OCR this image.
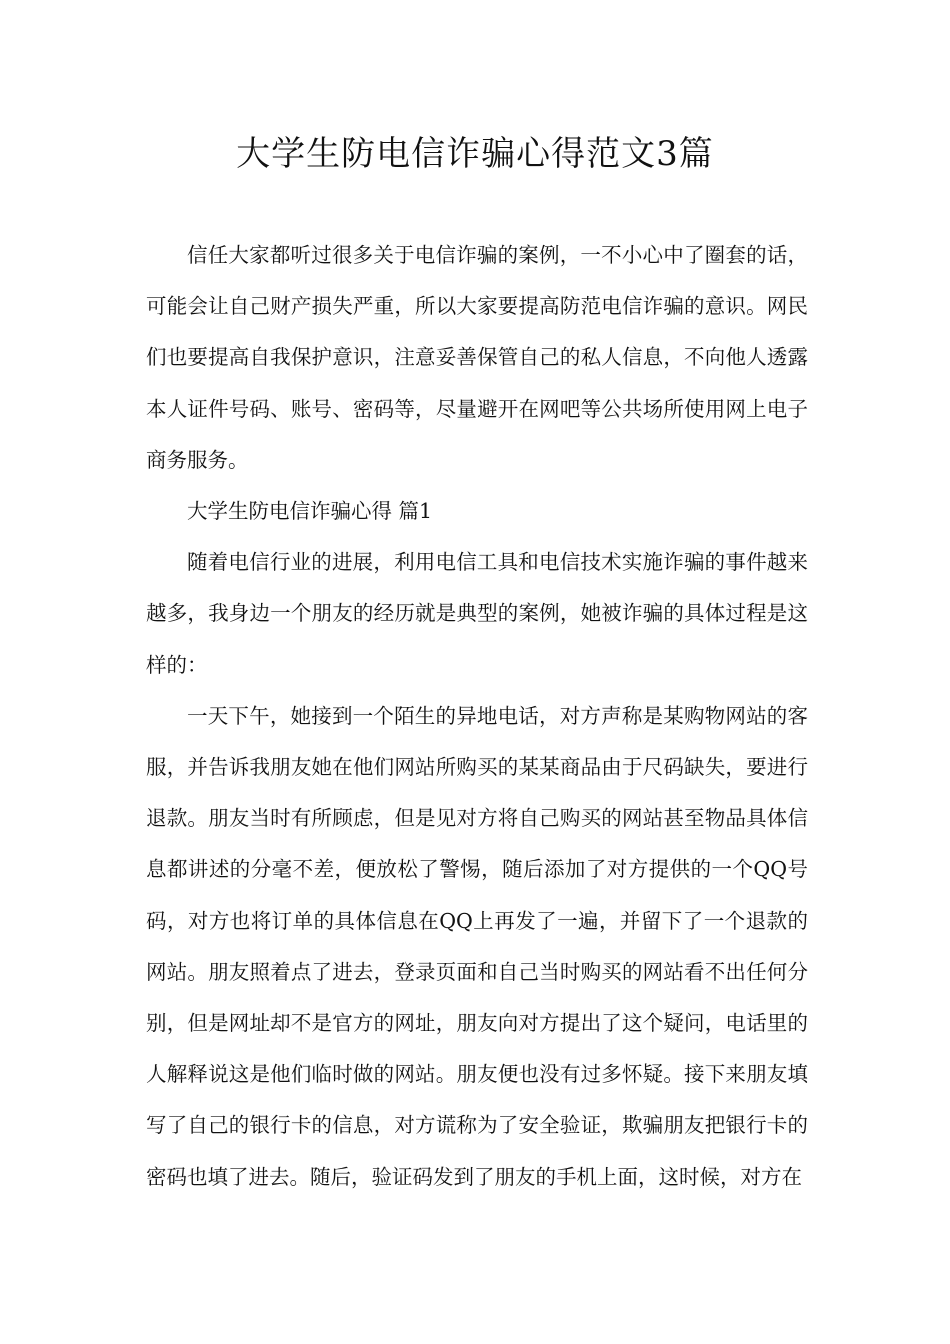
大学生防电信诈骗心得范文3篇

信任大家都听过很多关于电信诈骗的案例，一不小心中了圈套的话，可能会让自己财产损失严重，所以大家要提高防范电信诈骗的意识。网民们也要提高自我保护意识，注意妥善保管自己的私人信息，不向他人透露本人证件号码、账号、密码等，尽量避开在网吧等公共场所使用网上电子商务服务。

大学生防电信诈骗心得 篇1

随着电信行业的进展，利用电信工具和电信技术实施诈骗的事件越来越多，我身边一个朋友的经历就是典型的案例，她被诈骗的具体过程是这样的：

一天下午，她接到一个陌生的异地电话，对方声称是某购物网站的客服，并告诉我朋友她在他们网站所购买的某某商品由于尺码缺失，要进行退款。朋友当时有所顾虑，但是见对方将自己购买的网站甚至物品具体信息都讲述的分毫不差，便放松了警惕，随后添加了对方提供的一个QQ号码，对方也将订单的具体信息在QQ上再发了一遍，并留下了一个退款的网站。朋友照着点了进去，登录页面和自己当时购买的网站看不出任何分别，但是网址却不是官方的网址，朋友向对方提出了这个疑问，电话里的人解释说这是他们临时做的网站。朋友便也没有过多怀疑。接下来朋友填写了自己的银行卡的信息，对方谎称为了安全验证，欺骗朋友把银行卡的密码也填了进去。随后，验证码发到了朋友的手机上面，这时候，对方在
